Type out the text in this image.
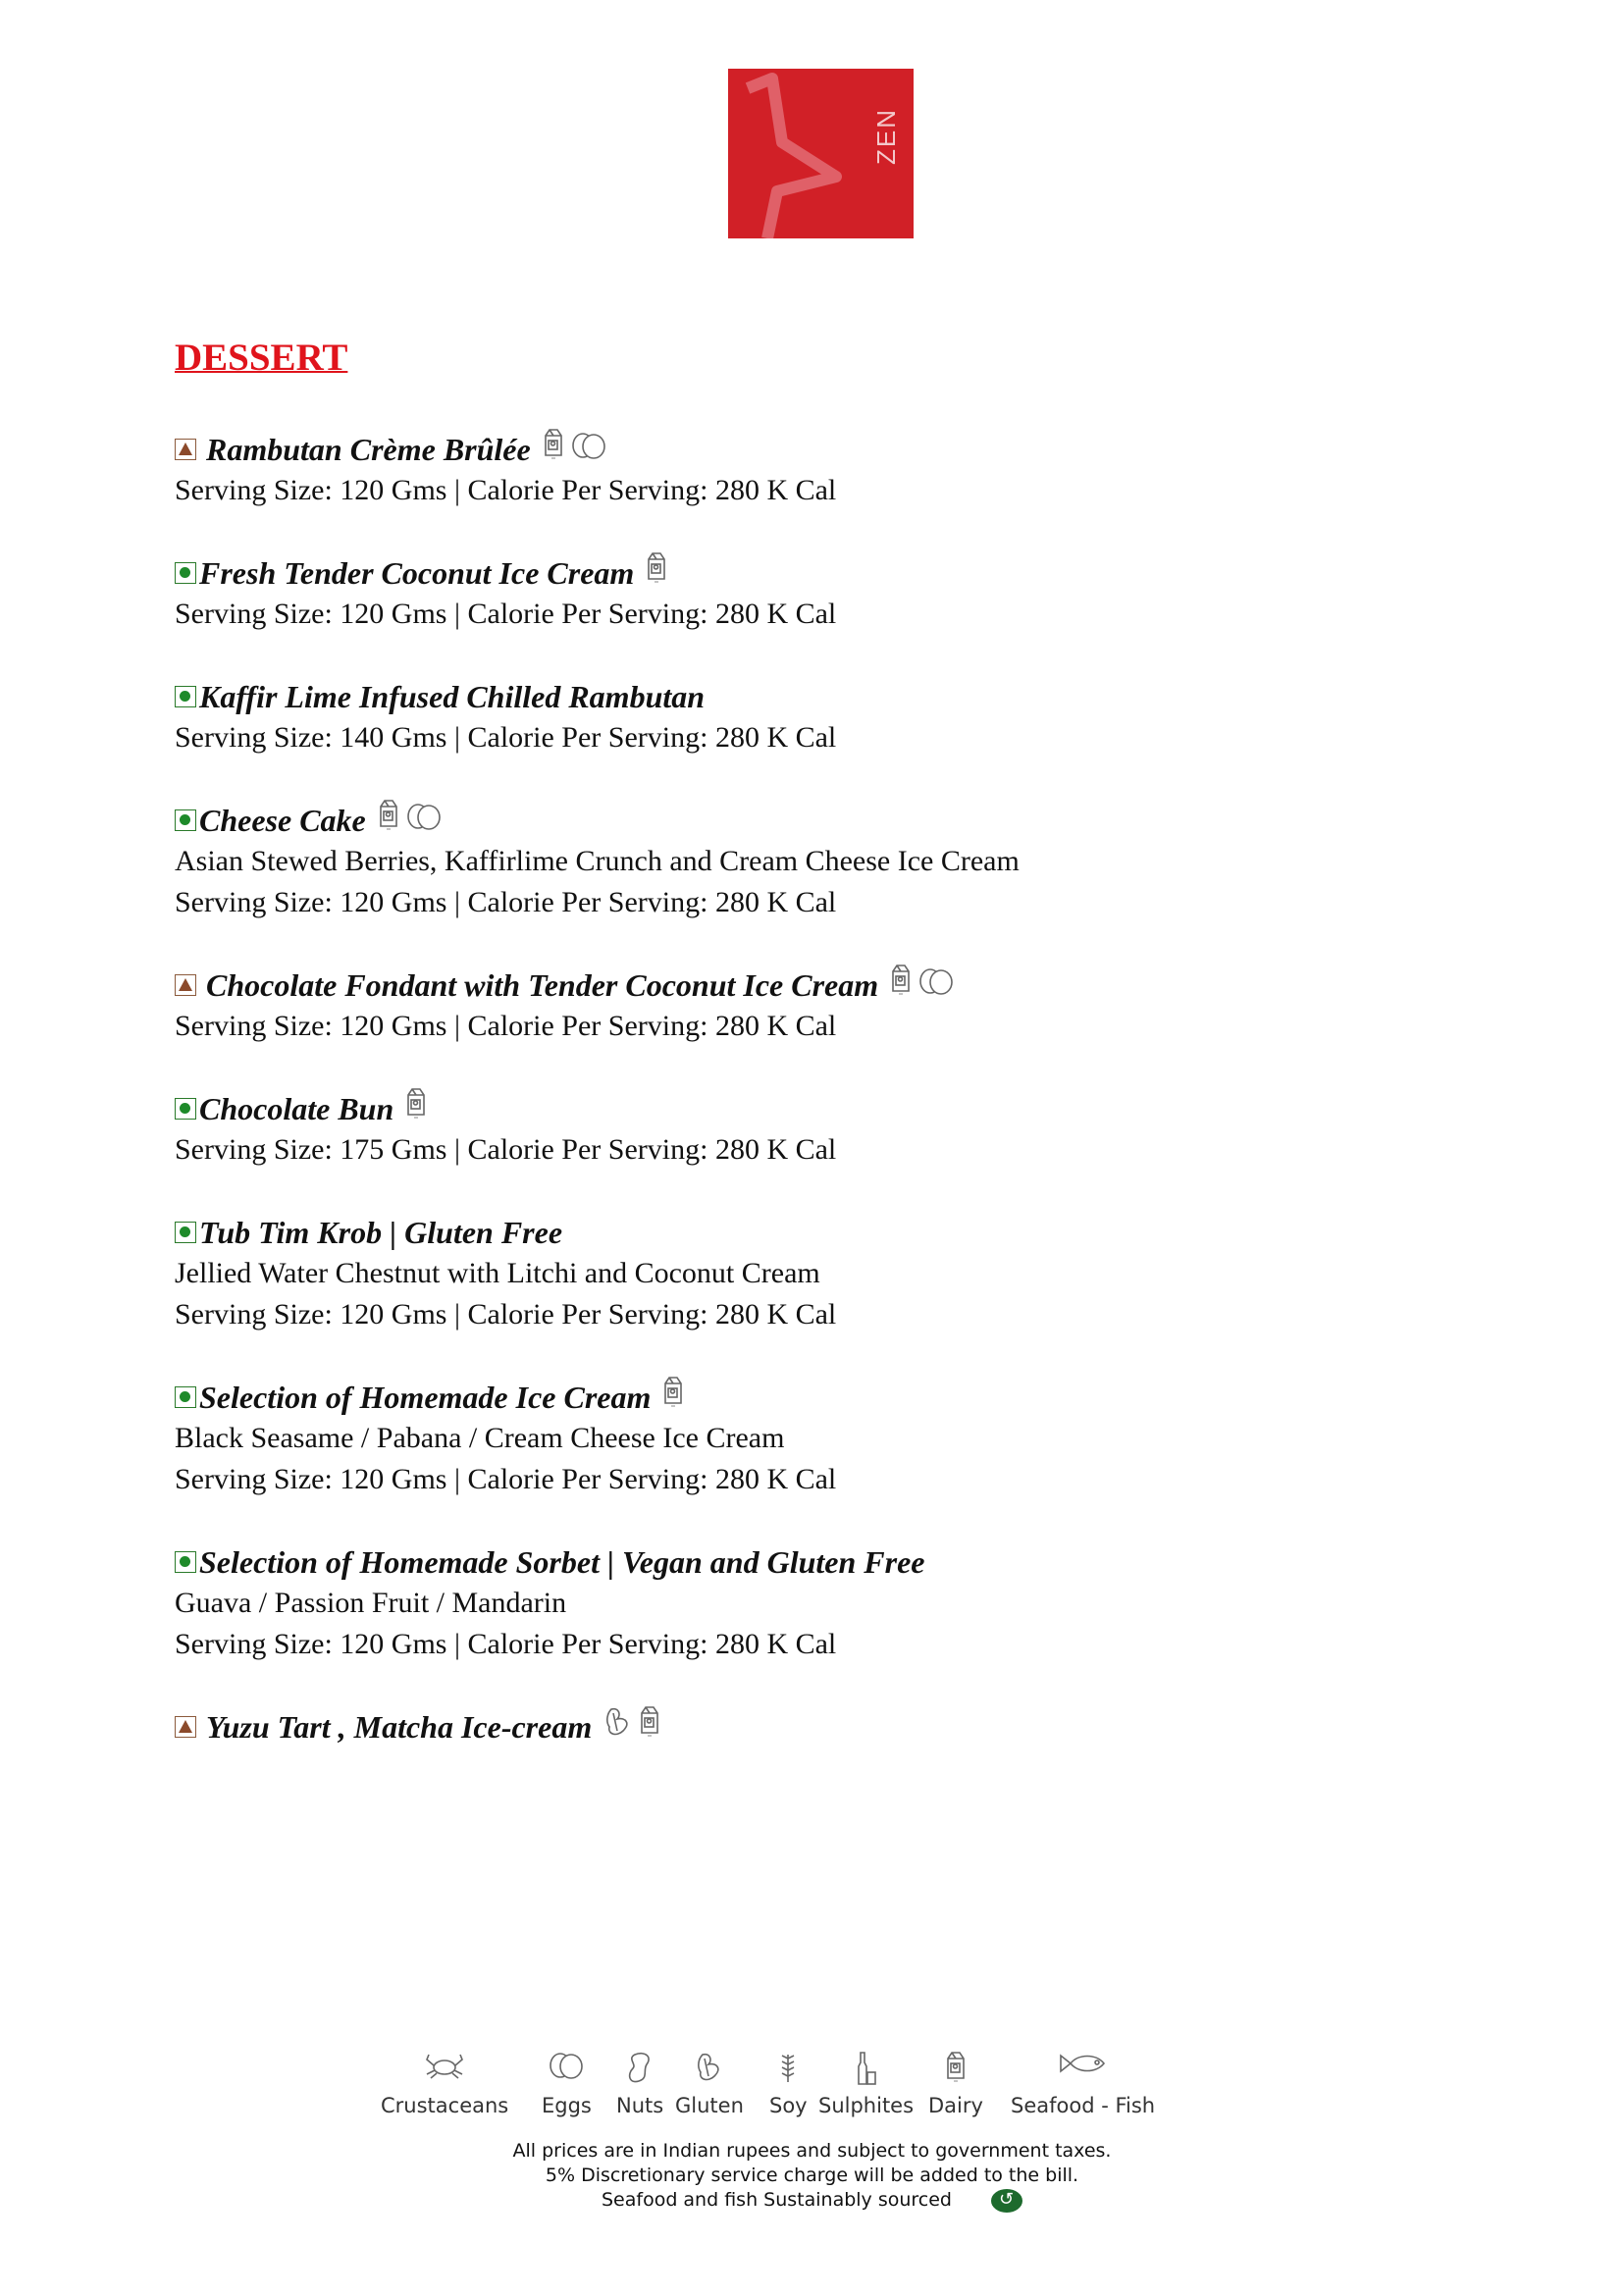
ZEN
DESSERT
Rambutan Crème Brûlée
Serving Size: 120 Gms | Calorie Per Serving: 280 K Cal
Fresh Tender Coconut Ice Cream
Serving Size: 120 Gms | Calorie Per Serving: 280 K Cal
Kaffir Lime Infused Chilled Rambutan
Serving Size: 140 Gms | Calorie Per Serving: 280 K Cal
Cheese Cake
Asian Stewed Berries, Kaffirlime Crunch and Cream Cheese Ice Cream
Serving Size: 120 Gms | Calorie Per Serving: 280 K Cal
Chocolate Fondant with Tender Coconut Ice Cream
Serving Size: 120 Gms | Calorie Per Serving: 280 K Cal
Chocolate Bun
Serving Size: 175 Gms | Calorie Per Serving: 280 K Cal
Tub Tim Krob | Gluten Free
Jellied Water Chestnut with Litchi and Coconut Cream
Serving Size: 120 Gms | Calorie Per Serving: 280 K Cal
Selection of Homemade Ice Cream
Black Seasame / Pabana / Cream Cheese Ice Cream
Serving Size: 120 Gms | Calorie Per Serving: 280 K Cal
Selection of Homemade Sorbet | Vegan and Gluten Free
Guava / Passion Fruit / Mandarin
Serving Size: 120 Gms | Calorie Per Serving: 280 K Cal
Yuzu Tart , Matcha Ice-cream
Crustaceans Eggs Nuts Gluten Soy Sulphites Dairy Seafood - Fish
All prices are in Indian rupees and subject to government taxes.
5% Discretionary service charge will be added to the bill.
Seafood and fish Sustainably sourced↺
